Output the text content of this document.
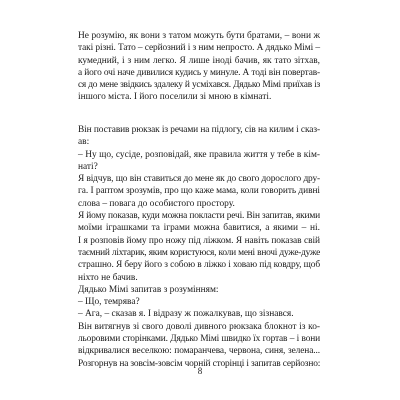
Не розумію, як вони з татом можуть бути братами, – вони ж
такі різні. Тато – серйозний і з ним непросто. А дядько Мімі –
кумедний, і з ним легко. Я лише іноді бачив, як тато зітхав,
а його очі наче дивилися кудись у минуле. А тоді він повертав-
ся до мене звідкись здалеку й усміхався. Дядько Мімі приїхав із
іншого міста. І його поселили зі мною в кімнаті.
Він поставив рюкзак із речами на підлогу, сів на килим і сказ-
ав:
– Ну що, сусіде, розповідай, яке правила життя у тебе в кім-
наті?
Я відчув, що він ставиться до мене як до свого дорослого дру-
га. І раптом зрозумів, про що каже мама, коли говорить дивні
слова – повага до особистого простору.
Я йому показав, куди можна покласти речі. Він запитав, якими
моїми іграшками та іграми можна бавитися, а якими – ні.
І я розповів йому про ножу під ліжком. Я навіть показав свій
таємний ліхтарик, яким користуюся, коли мені вночі дуже-дуже
страшно. Я беру його з собою в ліжко і ховаю під ковдру, щоб
ніхто не бачив.
Дядько Мімі запитав з розумінням:
– Що, темрява?
– Ага, – сказав я. І відразу ж пожалкував, що зізнався.
Він витягнув зі свого доволі дивного рюкзака блокнот із ко-
льоровими сторінками. Дядько Мімі швидко їх гортав – і вони
відкривалися веселкою: помаранчева, червона, синя, зелена...
Розгорнув на зовсім-зовсім чорній сторінці і запитав серйозно:
8
